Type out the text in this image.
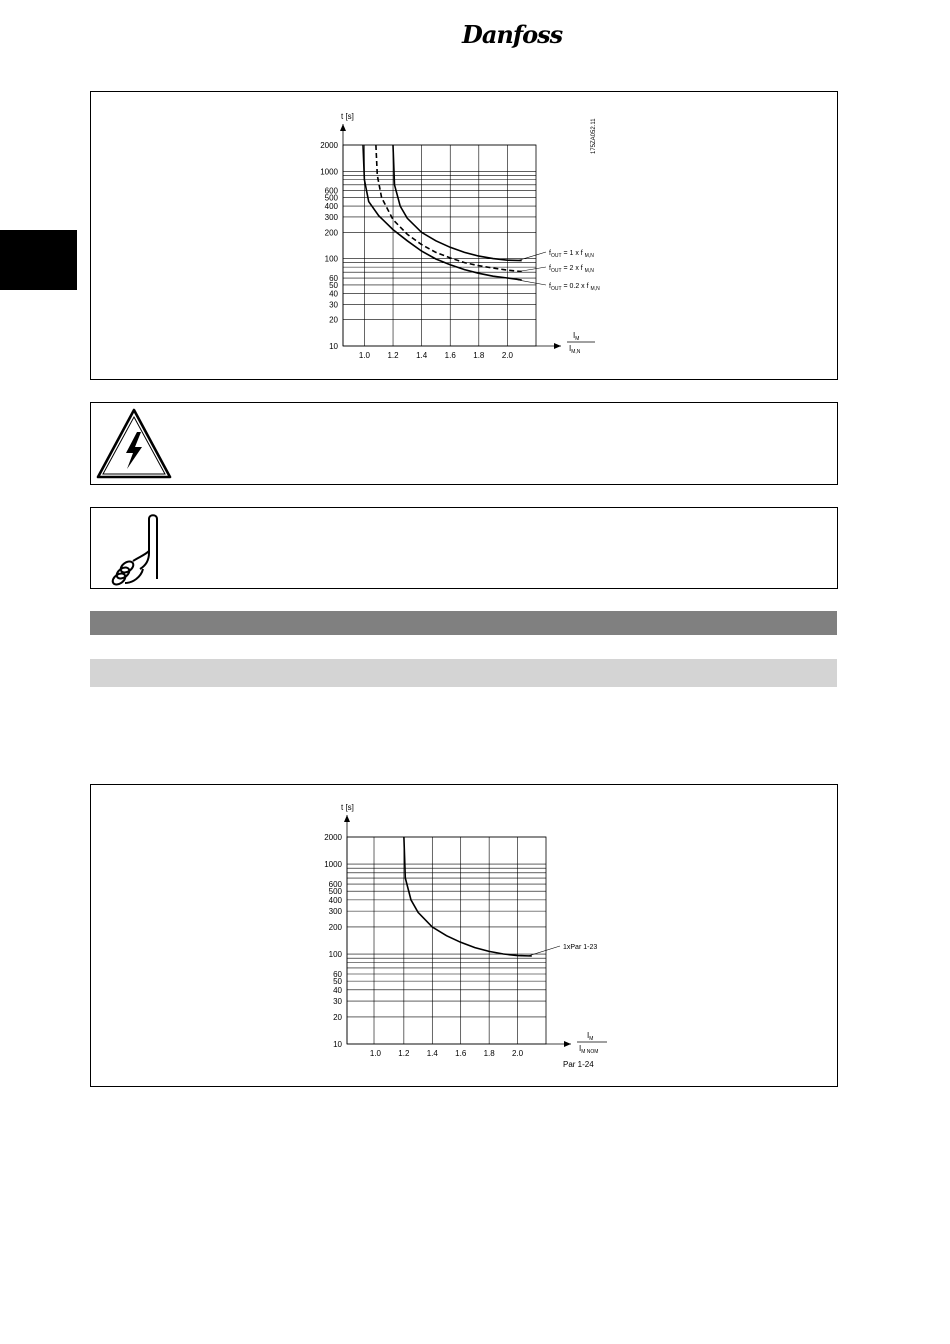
Danfoss
2000
1000
600
500
400
300
200
100
60
50
40
30
20
10
1.0 1.2 1.4 1.6 1.8 2.0
$f_{OUT} = 1$ x f $_{M,N}$
$f_{OUT} = 2$ x f $_{M,N}$
$f_{OUT} = 0.2$ x f $_{M,N}$
t [s]
175ZA052.11
$I_M$
$I_{M,N}$
2000
1000
600
500
400
300
200
100
60
50
40
30
20
10
1.0 1.2 1.4 1.6 1.8 2.0
1xPar 1-23
t [s]
$I_M$
$I_{M NOM}$
Par 1-24
